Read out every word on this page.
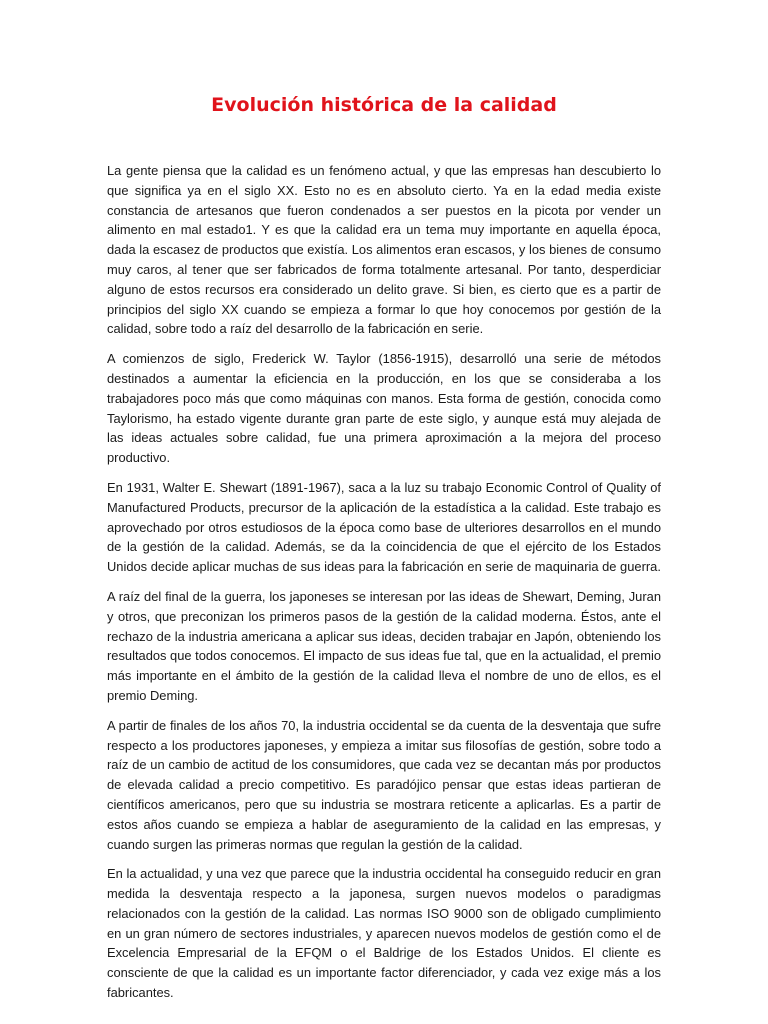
Evolución histórica de la calidad

La gente piensa que la calidad es un fenómeno actual, y que las empresas han descubierto lo que significa ya en el siglo XX. Esto no es en absoluto cierto. Ya en la edad media existe constancia de artesanos que fueron condenados a ser puestos en la picota por vender un alimento en mal estado1. Y es que la calidad era un tema muy importante en aquella época, dada la escasez de productos que existía. Los alimentos eran escasos, y los bienes de consumo muy caros, al tener que ser fabricados de forma totalmente artesanal. Por tanto, desperdiciar alguno de estos recursos era considerado un delito grave. Si bien, es cierto que es a partir de principios del siglo XX cuando se empieza a formar lo que hoy conocemos por gestión de la calidad, sobre todo a raíz del desarrollo de la fabricación en serie.

A comienzos de siglo, Frederick W. Taylor (1856-1915), desarrolló una serie de métodos destinados a aumentar la eficiencia en la producción, en los que se consideraba a los trabajadores poco más que como máquinas con manos. Esta forma de gestión, conocida como Taylorismo, ha estado vigente durante gran parte de este siglo, y aunque está muy alejada de las ideas actuales sobre calidad, fue una primera aproximación a la mejora del proceso productivo.

En 1931, Walter E. Shewart (1891-1967), saca a la luz su trabajo Economic Control of Quality of Manufactured Products, precursor de la aplicación de la estadística a la calidad. Este trabajo es aprovechado por otros estudiosos de la época como base de ulteriores desarrollos en el mundo de la gestión de la calidad. Además, se da la coincidencia de que el ejército de los Estados Unidos decide aplicar muchas de sus ideas para la fabricación en serie de maquinaria de guerra.

A raíz del final de la guerra, los japoneses se interesan por las ideas de Shewart, Deming, Juran y otros, que preconizan los primeros pasos de la gestión de la calidad moderna. Éstos, ante el rechazo de la industria americana a aplicar sus ideas, deciden trabajar en Japón, obteniendo los resultados que todos conocemos. El impacto de sus ideas fue tal, que en la actualidad, el premio más importante en el ámbito de la gestión de la calidad lleva el nombre de uno de ellos, es el premio Deming.

A partir de finales de los años 70, la industria occidental se da cuenta de la desventaja que sufre respecto a los productores japoneses, y empieza a imitar sus filosofías de gestión, sobre todo a raíz de un cambio de actitud de los consumidores, que cada vez se decantan más por productos de elevada calidad a precio competitivo. Es paradójico pensar que estas ideas partieran de científicos americanos, pero que su industria se mostrara reticente a aplicarlas. Es a partir de estos años cuando se empieza a hablar de aseguramiento de la calidad en las empresas, y cuando surgen las primeras normas que regulan la gestión de la calidad.

En la actualidad, y una vez que parece que la industria occidental ha conseguido reducir en gran medida la desventaja respecto a la japonesa, surgen nuevos modelos o paradigmas relacionados con la gestión de la calidad. Las normas ISO 9000 son de obligado cumplimiento en un gran número de sectores industriales, y aparecen nuevos modelos de gestión como el de Excelencia Empresarial de la EFQM o el Baldrige de los Estados Unidos. El cliente es consciente de que la calidad es un importante factor diferenciador, y cada vez exige más a los fabricantes.
